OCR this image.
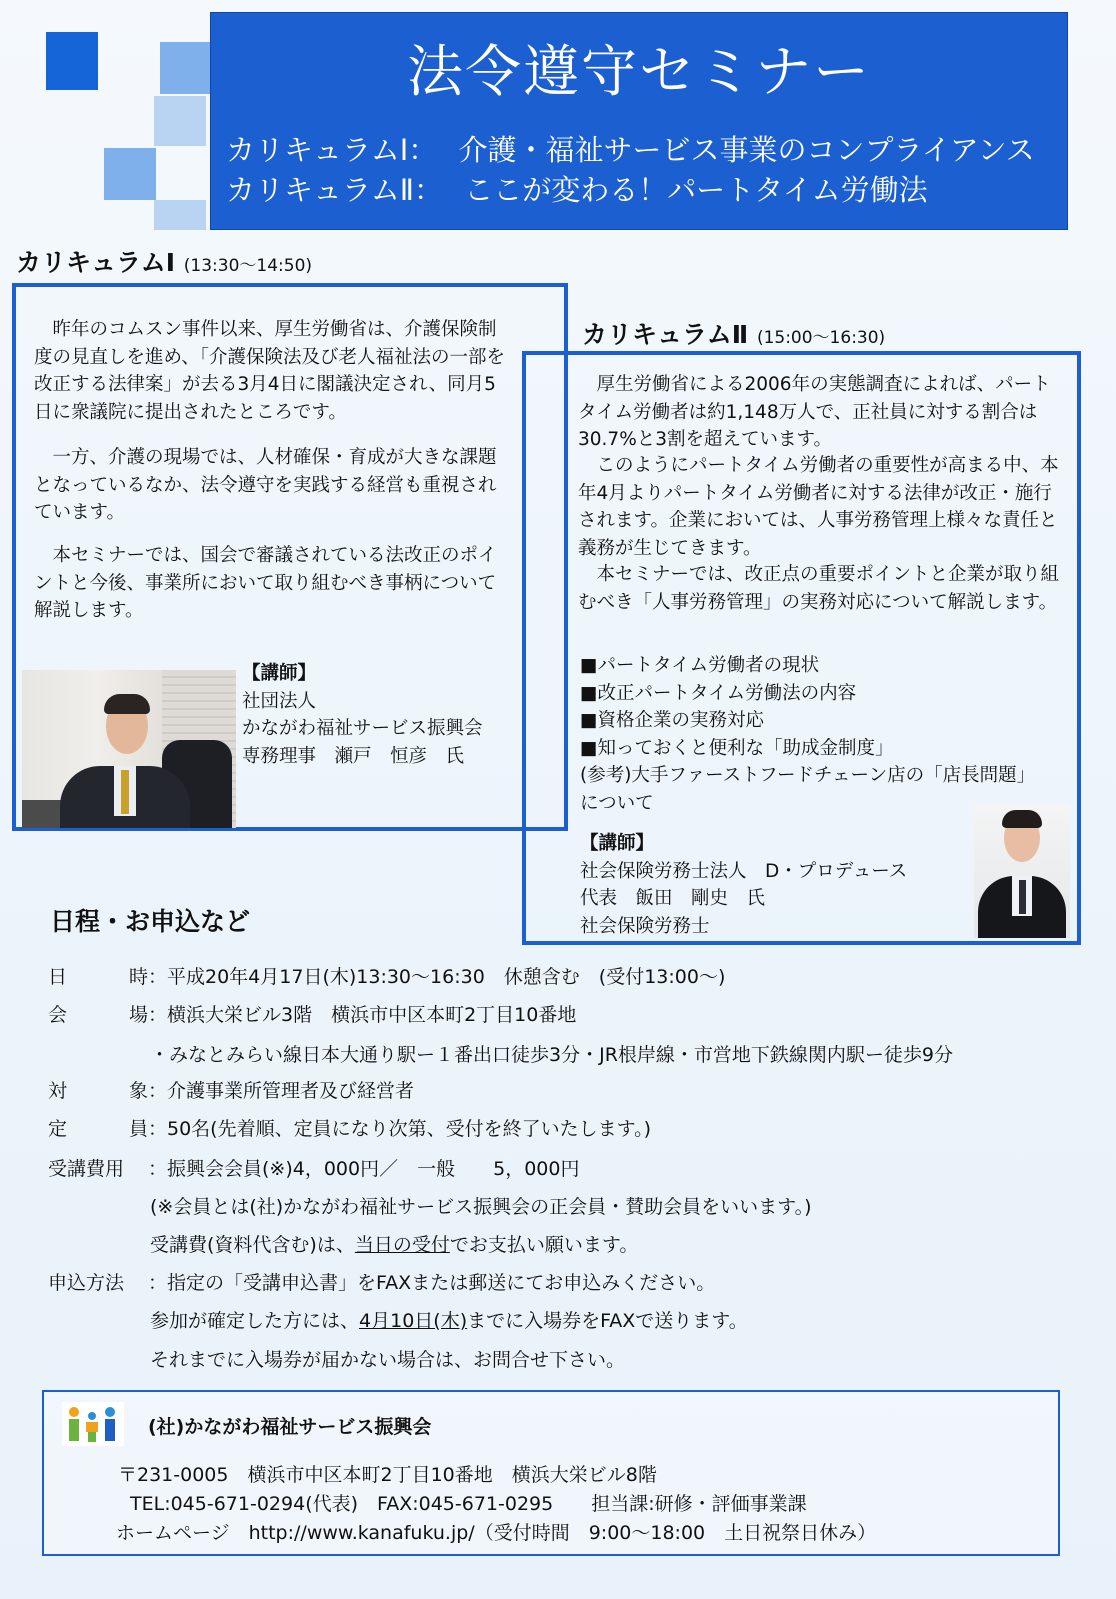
法令遵守セミナー
カリキュラムⅠ： 介護・福祉サービス事業のコンプライアンス
カリキュラムⅡ： ここが変わる！パートタイム労働法
カリキュラムⅠ (13:30〜14:50)

昨年のコムスン事件以来、厚生労働省は、介護保険制度の見直しを進め、「介護保険法及び老人福祉法の一部を改正する法律案」が去る3月4日に閣議決定され、同月5日に衆議院に提出されたところです。

一方、介護の現場では、人材確保・育成が大きな課題となっているなか、法令遵守を実践する経営も重視されています。

本セミナーでは、国会で審議されている法改正のポイントと今後、事業所において取り組むべき事柄について解説します。

【講師】
社団法人
かながわ福祉サービス振興会
専務理事　瀬戸　恒彦　氏
カリキュラムⅡ (15:00〜16:30)

厚生労働省による2006年の実態調査によれば、パートタイム労働者は約1,148万人で、正社員に対する割合は30.7%と3割を超えています。

このようにパートタイム労働者の重要性が高まる中、本年4月よりパートタイム労働者に対する法律が改正・施行されます。企業においては、人事労務管理上様々な責任と義務が生じてきます。

本セミナーでは、改正点の重要ポイントと企業が取り組むべき「人事労務管理」の実務対応について解説します。

■パートタイム労働者の現状
■改正パートタイム労働法の内容
■資格企業の実務対応
■知っておくと便利な「助成金制度」
(参考)大手ファーストフードチェーン店の「店長問題」
について
【講師】
社会保険労務士法人　D・プロデュース
代表　飯田　剛史　氏
社会保険労務士
日程・お申込など
日	時 ：平成20年4月17日(木)13:30〜16:30　休憩含む　(受付13:00〜)
会	場 ：横浜大栄ビル3階　横浜市中区本町2丁目10番地
・みなとみらい線日本大通り駅ー１番出口徒歩3分・JR根岸線・市営地下鉄線関内駅ー徒歩9分
対	象 ：介護事業所管理者及び経営者
定	員 ：50名(先着順、定員になり次第、受付を終了いたします。)
受講費用	：振興会会員(※)4，000円／　一般　　5，000円
(※会員とは(社)かながわ福祉サービス振興会の正会員・賛助会員をいいます。)
受講費(資料代含む)は、当日の受付でお支払い願います。
申込方法	：指定の「受講申込書」をFAXまたは郵送にてお申込みください。
参加が確定した方には、4月10日(木)までに入場券をFAXで送ります。
それまでに入場券が届かない場合は、お問合せ下さい。
(社)かながわ福祉サービス振興会
〒231-0005　横浜市中区本町2丁目10番地　横浜大栄ビル8階
TEL:045-671-0294(代表)　FAX:045-671-0295　　担当課:研修・評価事業課
ホームページ　http://www.kanafuku.jp/（受付時間　9:00〜18:00　土日祝祭日休み）
